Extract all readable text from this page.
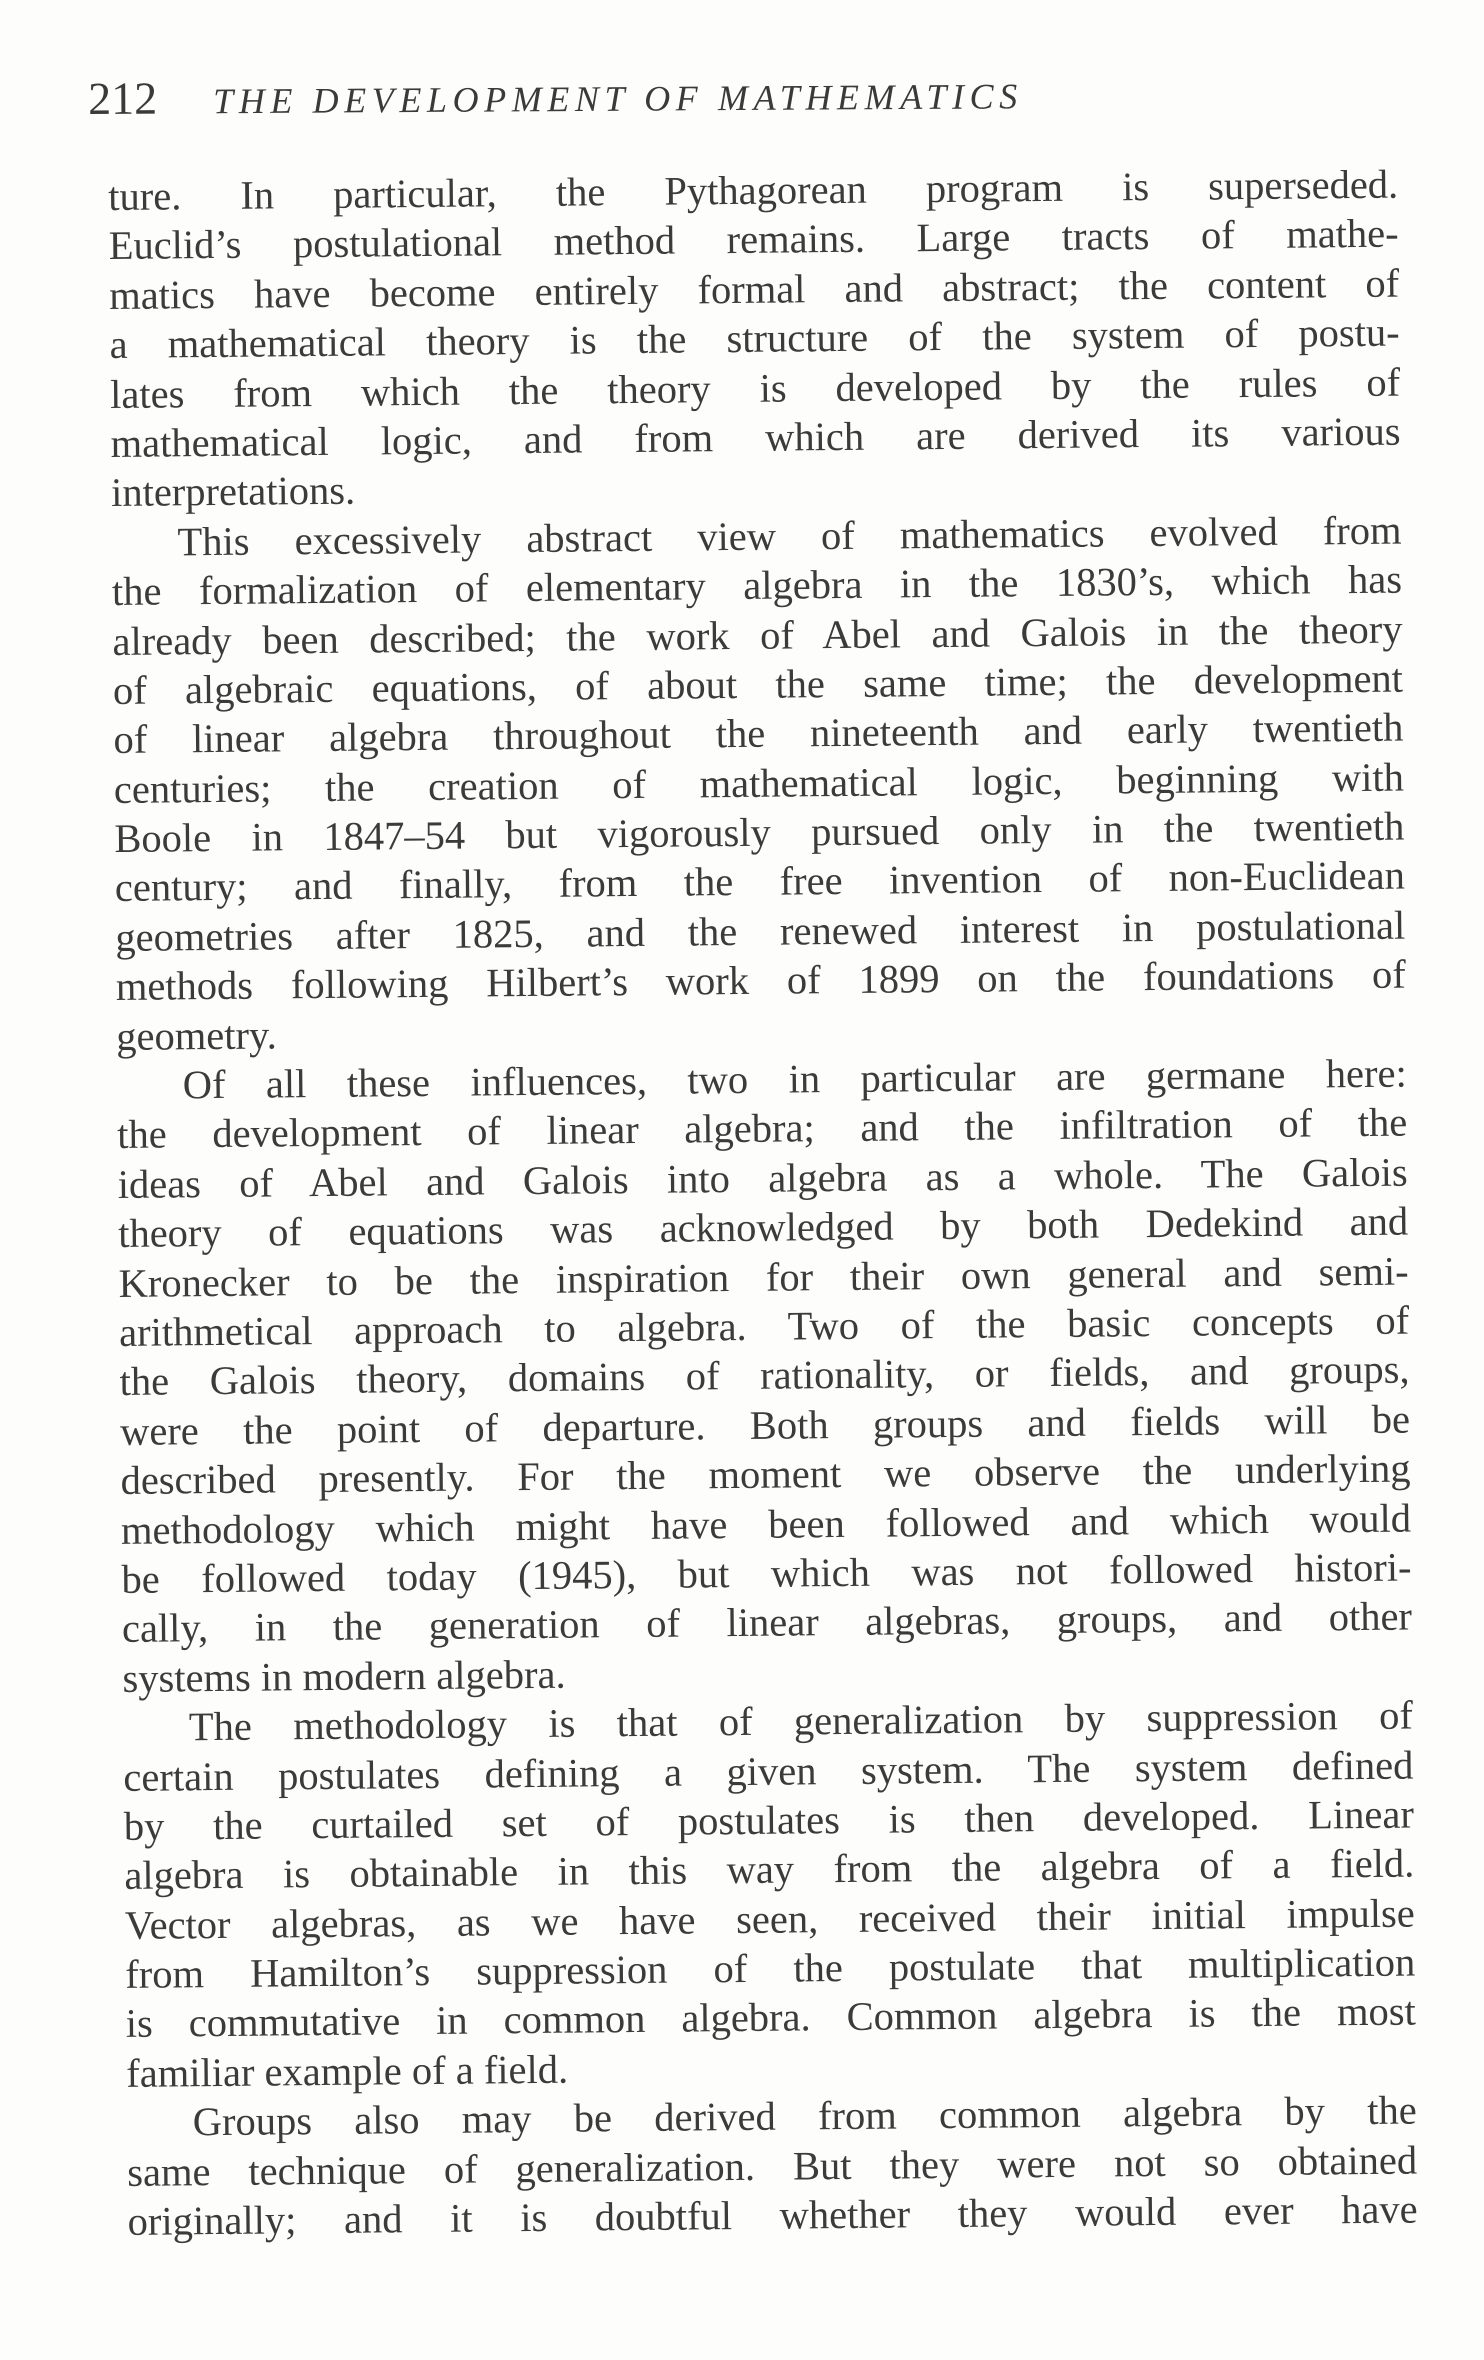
212 THE DEVELOPMENT OF MATHEMATICS
ture. In particular, the Pythagorean program is superseded.
Euclid’s postulational method remains. Large tracts of mathe-
matics have become entirely formal and abstract; the content of
a mathematical theory is the structure of the system of postu-
lates from which the theory is developed by the rules of
mathematical logic, and from which are derived its various
interpretations.
This excessively abstract view of mathematics evolved from
the formalization of elementary algebra in the 1830’s, which has
already been described; the work of Abel and Galois in the theory
of algebraic equations, of about the same time; the development
of linear algebra throughout the nineteenth and early twentieth
centuries; the creation of mathematical logic, beginning with
Boole in 1847–54 but vigorously pursued only in the twentieth
century; and finally, from the free invention of non-Euclidean
geometries after 1825, and the renewed interest in postulational
methods following Hilbert’s work of 1899 on the foundations of
geometry.
Of all these influences, two in particular are germane here:
the development of linear algebra; and the infiltration of the
ideas of Abel and Galois into algebra as a whole. The Galois
theory of equations was acknowledged by both Dedekind and
Kronecker to be the inspiration for their own general and semi-
arithmetical approach to algebra. Two of the basic concepts of
the Galois theory, domains of rationality, or fields, and groups,
were the point of departure. Both groups and fields will be
described presently. For the moment we observe the underlying
methodology which might have been followed and which would
be followed today (1945), but which was not followed histori-
cally, in the generation of linear algebras, groups, and other
systems in modern algebra.
The methodology is that of generalization by suppression of
certain postulates defining a given system. The system defined
by the curtailed set of postulates is then developed. Linear
algebra is obtainable in this way from the algebra of a field.
Vector algebras, as we have seen, received their initial impulse
from Hamilton’s suppression of the postulate that multiplication
is commutative in common algebra. Common algebra is the most
familiar example of a field.
Groups also may be derived from common algebra by the
same technique of generalization. But they were not so obtained
originally; and it is doubtful whether they would ever have
